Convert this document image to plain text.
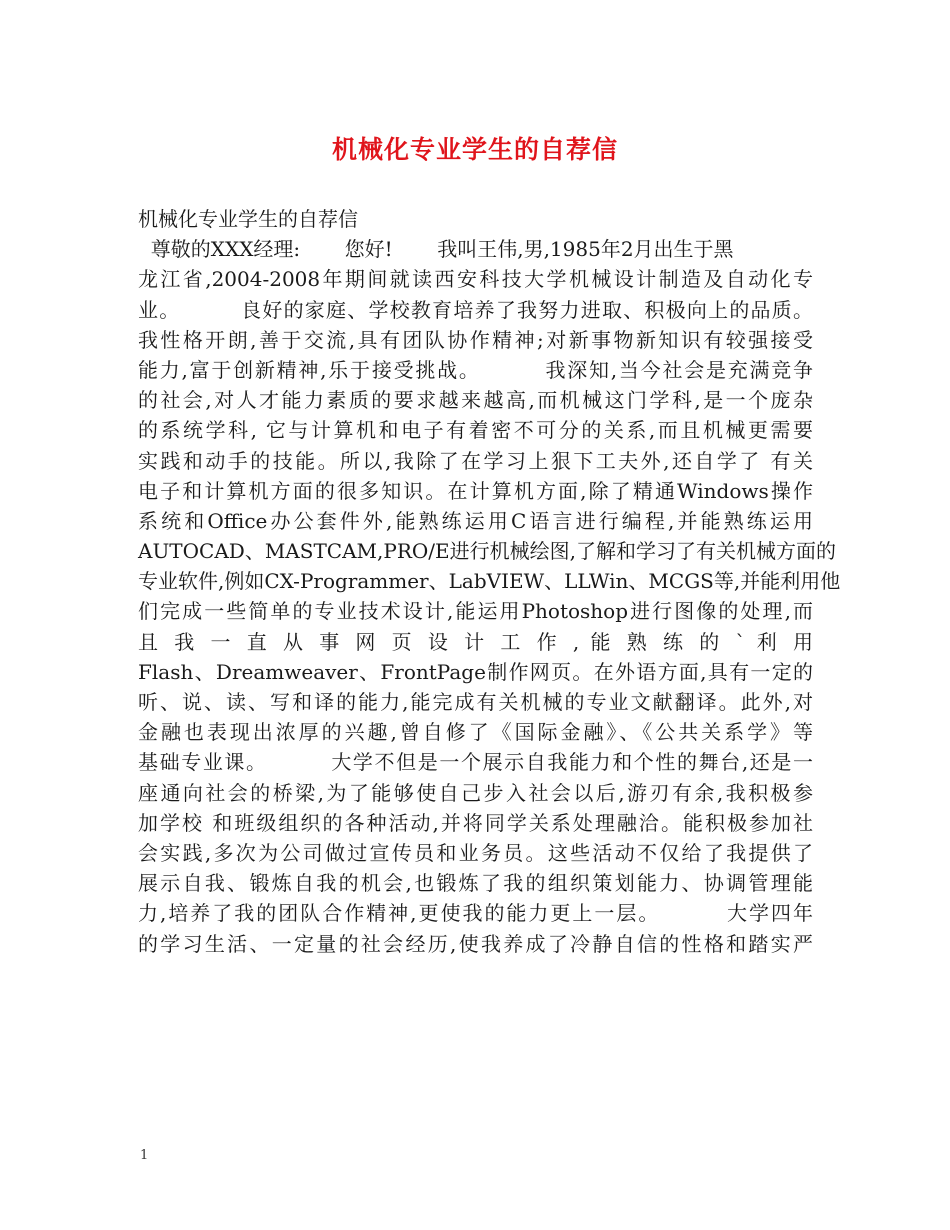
机械化专业学生的自荐信
机械化专业学生的自荐信
尊敬的XXX经理:       您好!       我叫王伟,男,1985年2月出生于黑
龙江省,2004-2008年期间就读西安科技大学机械设计制造及自动化专
业。        良好的家庭、学校教育培养了我努力进取、积极向上的品质。
我性格开朗,善于交流,具有团队协作精神;对新事物新知识有较强接受
能力,富于创新精神,乐于接受挑战。        我深知,当今社会是充满竞争
的社会,对人才能力素质的要求越来越高,而机械这门学科,是一个庞杂
的系统学科, 它与计算机和电子有着密不可分的关系,而且机械更需要
实践和动手的技能。所以,我除了在学习上狠下工夫外,还自学了 有关
电子和计算机方面的很多知识。在计算机方面,除了精通Windows操作
系统和Office办公套件外,能熟练运用C语言进行编程,并能熟练运用
AUTOCAD、MASTCAM,PRO/E进行机械绘图,了解和学习了有关机械方面的
专业软件,例如CX-Programmer、LabVIEW、LLWin、MCGS等,并能利用他
们完成一些简单的专业技术设计,能运用Photoshop进行图像的处理,而
且 我 一 直 从 事 网 页 设 计 工 作 , 能 熟 练 的 ` 利 用
Flash、Dreamweaver、FrontPage制作网页。在外语方面,具有一定的
听、说、读、写和译的能力,能完成有关机械的专业文献翻译。此外,对
金融也表现出浓厚的兴趣,曾自修了《国际金融》、《公共关系学》等
基础专业课。        大学不但是一个展示自我能力和个性的舞台,还是一
座通向社会的桥梁,为了能够使自己步入社会以后,游刃有余,我积极参
加学校 和班级组织的各种活动,并将同学关系处理融洽。能积极参加社
会实践,多次为公司做过宣传员和业务员。这些活动不仅给了我提供了
展示自我、锻炼自我的机会,也锻炼了我的组织策划能力、协调管理能
力,培养了我的团队合作精神,更使我的能力更上一层。        大学四年
的学习生活、一定量的社会经历,使我养成了冷静自信的性格和踏实严
1
